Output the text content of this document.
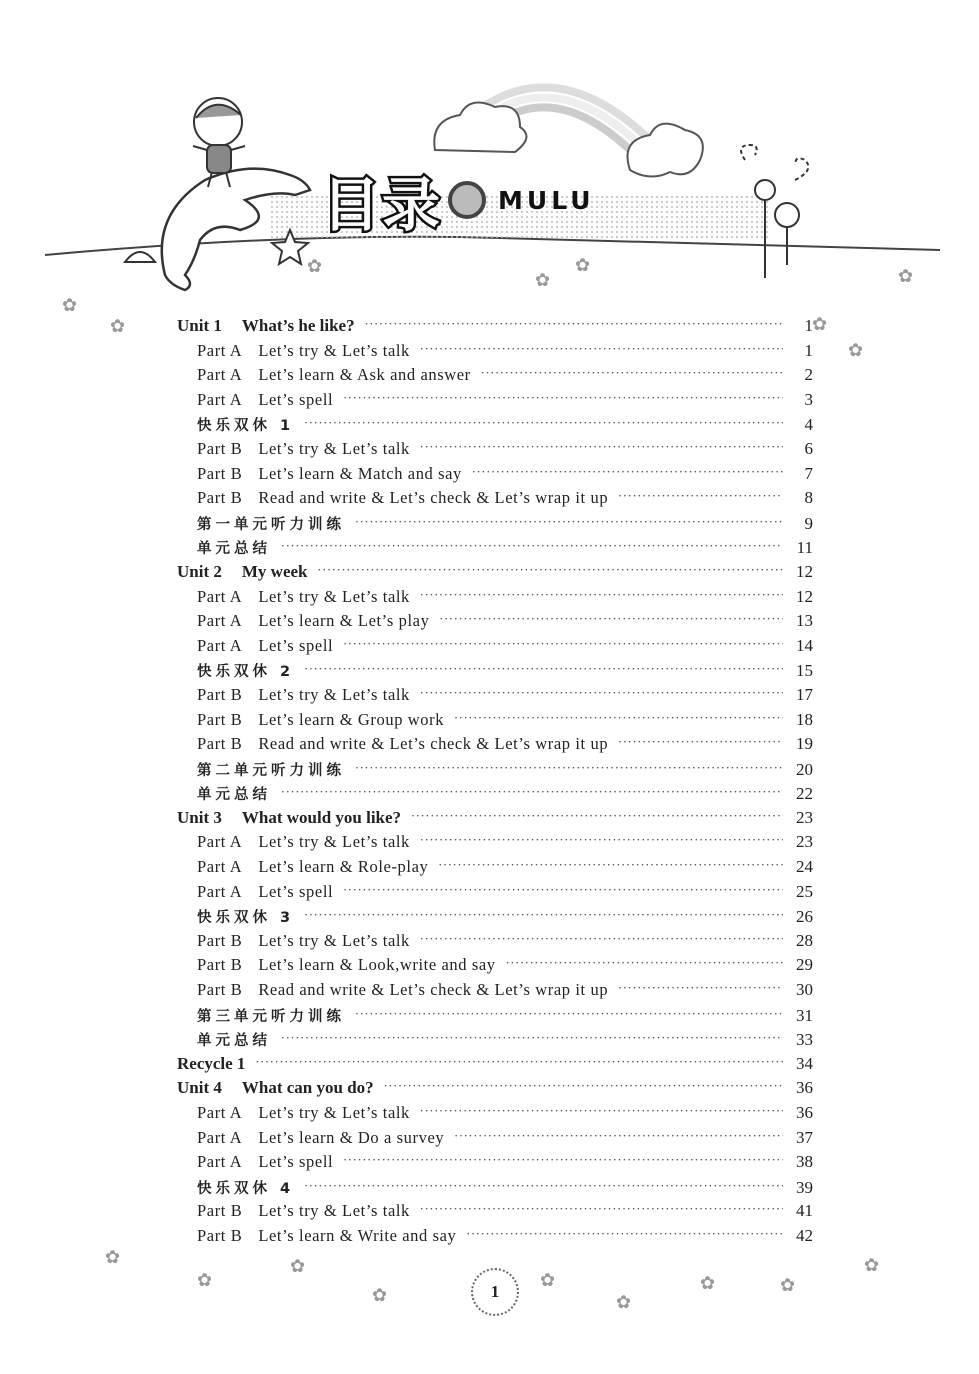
目录 MULU
✿
✿	✿
✿
✿
✿
✿
✿
✿
✿
✿
✿
✿
✿
✿	✿
✿
Unit 1 What’s he like? ·····	1
Part A Let’s try & Let’s talk ·····	1
Part A Let’s learn & Ask and answer ·····	2
Part A Let’s spell ·····	3
快乐双休 1 ·····	4
Part B Let’s try & Let’s talk ·····	6
Part B Let’s learn & Match and say ·····	7
Part B Read and write & Let’s check & Let’s wrap it up ·····	8
第一单元听力训练 ·····	9
单元总结 ·····	11
Unit 2 My week ·····	12
Part A Let’s try & Let’s talk ·····	12
Part A Let’s learn & Let’s play ·····	13
Part A Let’s spell ·····	14
快乐双休 2 ·····	15
Part B Let’s try & Let’s talk ·····	17
Part B Let’s learn & Group work ·····	18
Part B Read and write & Let’s check & Let’s wrap it up ·····	19
第二单元听力训练 ·····	20
单元总结 ·····	22
Unit 3 What would you like? ·····	23
Part A Let’s try & Let’s talk ·····	23
Part A Let’s learn & Role-play ·····	24
Part A Let’s spell ·····	25
快乐双休 3 ·····	26
Part B Let’s try & Let’s talk ·····	28
Part B Let’s learn & Look,write and say ·····	29
Part B Read and write & Let’s check & Let’s wrap it up ·····	30
第三单元听力训练 ·····	31
单元总结 ·····	33
Recycle 1 ·····	34
Unit 4 What can you do? ·····	36
Part A Let’s try & Let’s talk ·····	36
Part A Let’s learn & Do a survey ·····	37
Part A Let’s spell ·····	38
快乐双休 4 ·····	39
Part B Let’s try & Let’s talk ·····	41
Part B Let’s learn & Write and say ·····	42
1
